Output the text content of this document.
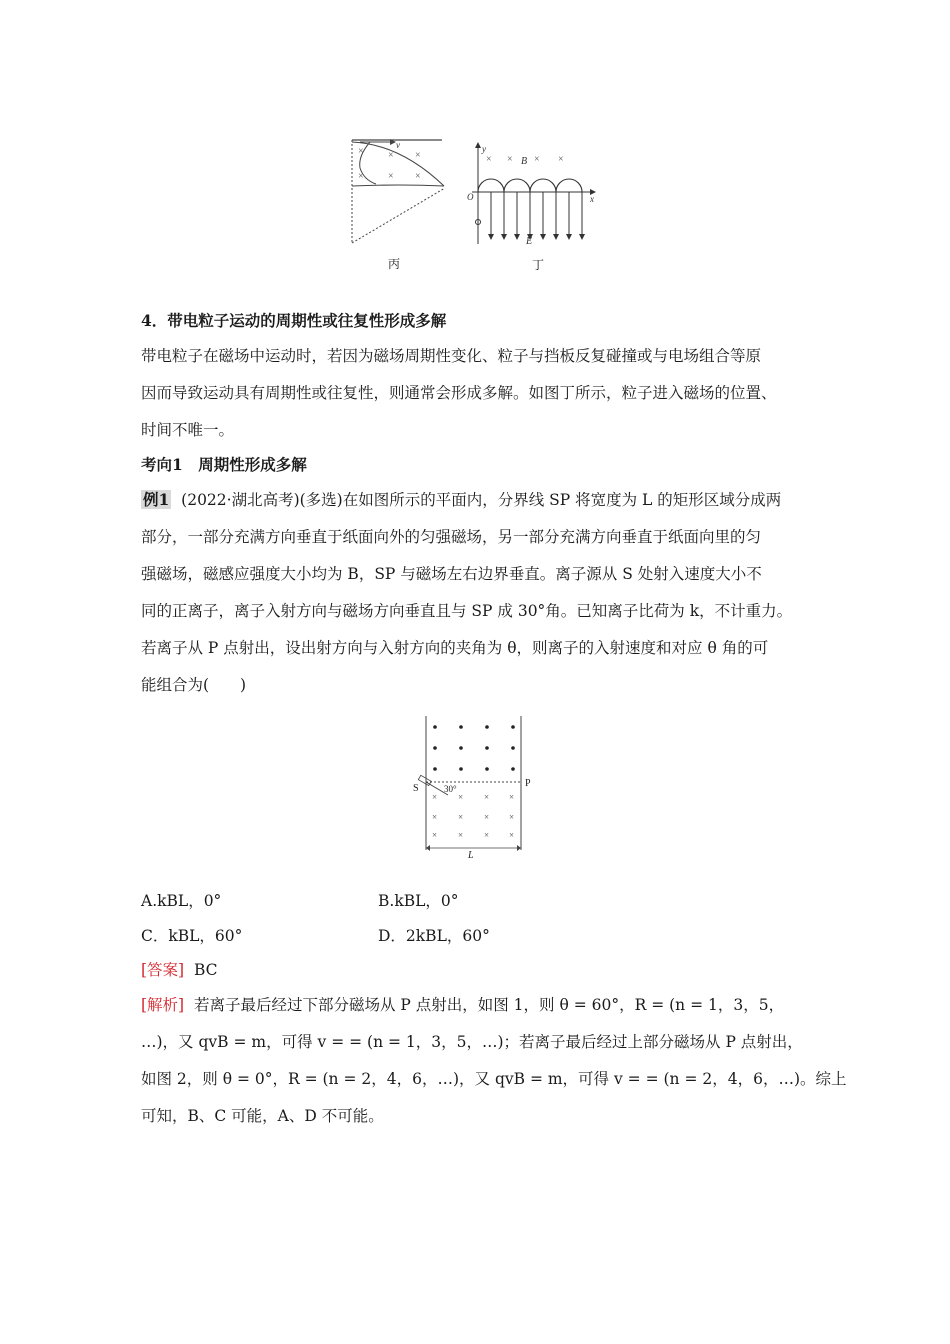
v
× × ×
× × ×
丙
y
x
O
× × × ×
B
E
丁
4．带电粒子运动的周期性或往复性形成多解
带电粒子在磁场中运动时，若因为磁场周期性变化、粒子与挡板反复碰撞或与电场组合等原
因而导致运动具有周期性或往复性，则通常会形成多解。如图丁所示，粒子进入磁场的位置、
时间不唯一。
考向1　周期性形成多解
例1 (2022·湖北高考)(多选)在如图所示的平面内，分界线 SP 将宽度为 L 的矩形区域分成两
部分，一部分充满方向垂直于纸面向外的匀强磁场，另一部分充满方向垂直于纸面向里的匀
强磁场，磁感应强度大小均为 B，SP 与磁场左右边界垂直。离子源从 S 处射入速度大小不
同的正离子，离子入射方向与磁场方向垂直且与 SP 成 30°角。已知离子比荷为 k，不计重力。
若离子从 P 点射出，设出射方向与入射方向的夹角为 θ，则离子的入射速度和对应 θ 角的可
能组合为(　　)
× × × ×
× × × ×
× × × ×
S	P
30°
L
A.kBL，0°	B.kBL，0°
C．kBL，60°	D．2kBL，60°
[答案] BC
[解析] 若离子最后经过下部分磁场从 P 点射出，如图 1，则 θ = 60°，R = (n = 1，3，5，
…)，又 qvB = m，可得 v = = (n = 1，3，5，…)；若离子最后经过上部分磁场从 P 点射出，
如图 2，则 θ = 0°，R = (n = 2，4，6，…)，又 qvB = m，可得 v = = (n = 2，4，6，…)。综上
可知，B、C 可能，A、D 不可能。
